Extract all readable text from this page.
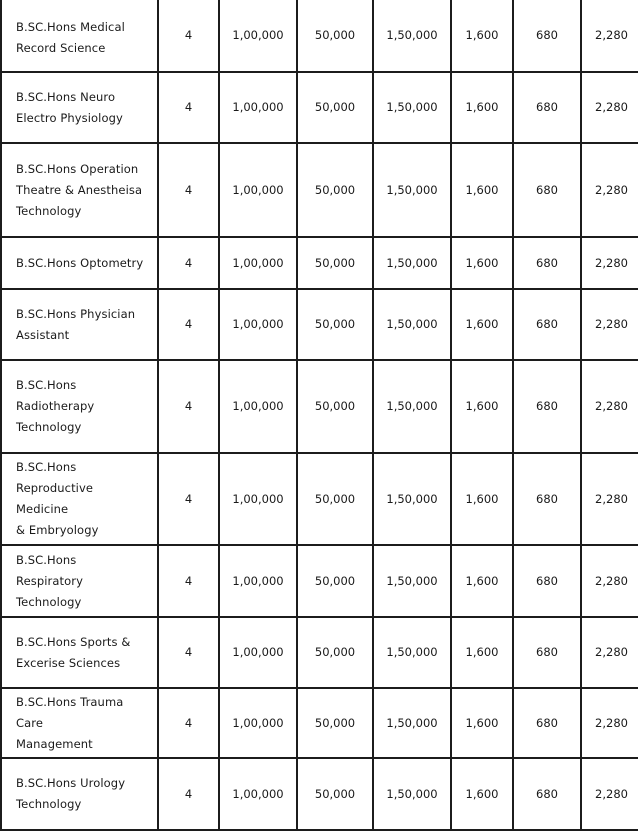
B.SC.Hons Medical
Record Science	4	1,00,000	50,000	1,50,000	1,600	680	2,280

B.SC.Hons Neuro
Electro Physiology	4	1,00,000	50,000	1,50,000	1,600	680	2,280

B.SC.Hons Operation
Theatre & Anestheisa
Technology	4	1,00,000	50,000	1,50,000	1,600	680	2,280

B.SC.Hons Optometry	4	1,00,000	50,000	1,50,000	1,600	680	2,280

B.SC.Hons Physician
Assistant	4	1,00,000	50,000	1,50,000	1,600	680	2,280

B.SC.Hons
Radiotherapy
Technology	4	1,00,000	50,000	1,50,000	1,600	680	2,280

B.SC.Hons
Reproductive Medicine
& Embryology	4	1,00,000	50,000	1,50,000	1,600	680	2,280

B.SC.Hons Respiratory
Technology	4	1,00,000	50,000	1,50,000	1,600	680	2,280

B.SC.Hons Sports &
Excerise Sciences	4	1,00,000	50,000	1,50,000	1,600	680	2,280

B.SC.Hons Trauma Care
Management	4	1,00,000	50,000	1,50,000	1,600	680	2,280

B.SC.Hons Urology
Technology	4	1,00,000	50,000	1,50,000	1,600	680	2,280
